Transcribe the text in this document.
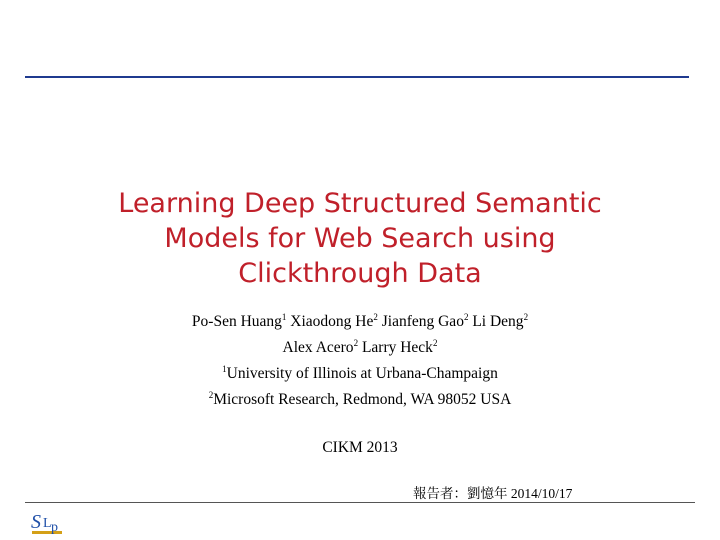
Learning Deep Structured Semantic
Models for Web Search using
Clickthrough Data
Po-Sen Huang$^1$ Xiaodong He$^2$ Jianfeng Gao$^2$ Li Deng$^2$
Alex Acero$^2$ Larry Heck$^2$
$^1$University of Illinois at Urbana-Champaign
$^2$Microsoft Research, Redmond, WA 98052 USA
CIKM 2013
報告者：劉憶年 2014/10/17
S L p
